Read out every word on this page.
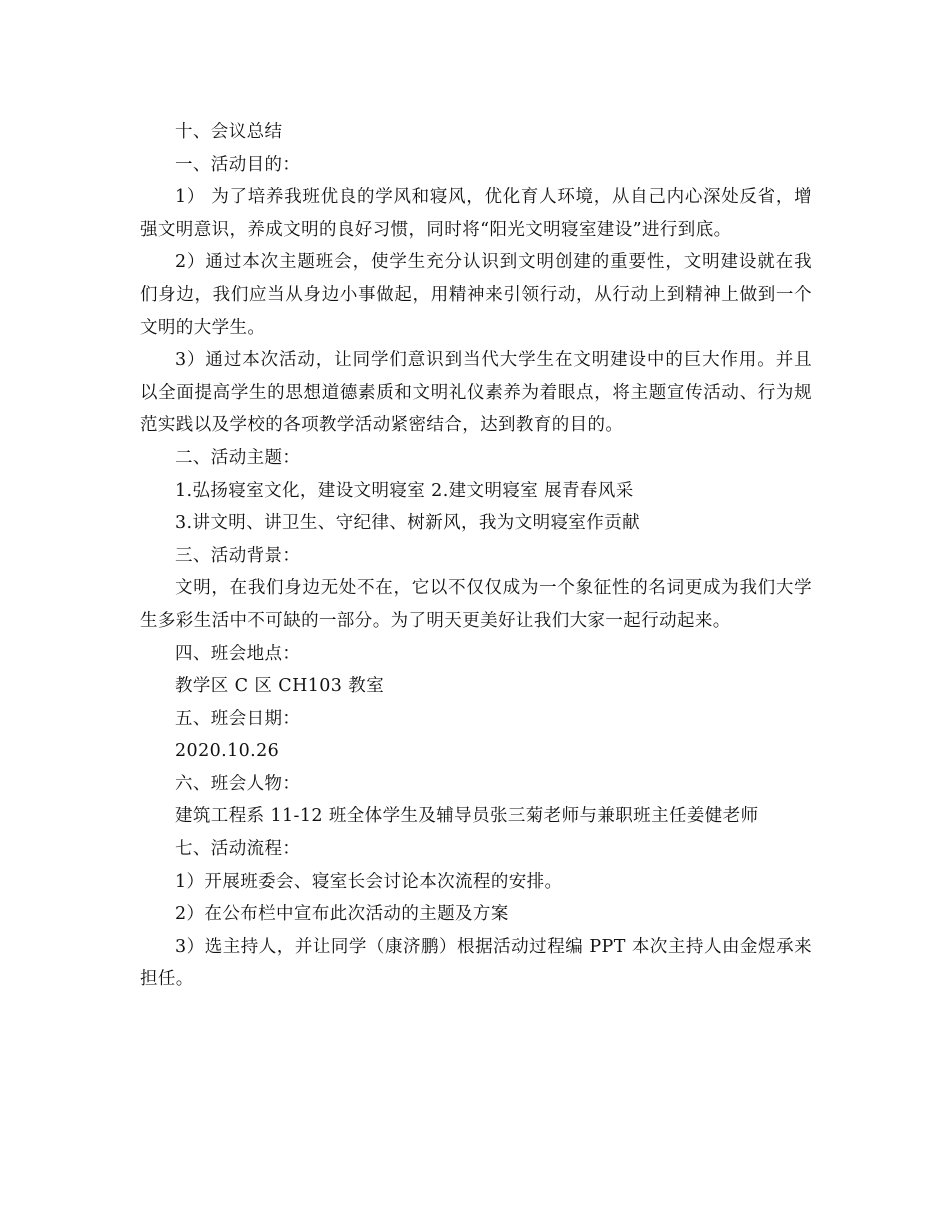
十、会议总结

一、活动目的：

1） 为了培养我班优良的学风和寝风，优化育人环境，从自己内心深处反省，增强文明意识，养成文明的良好习惯，同时将“阳光文明寝室建设”进行到底。

2）通过本次主题班会，使学生充分认识到文明创建的重要性，文明建设就在我们身边，我们应当从身边小事做起，用精神来引领行动，从行动上到精神上做到一个文明的大学生。

3）通过本次活动，让同学们意识到当代大学生在文明建设中的巨大作用。并且以全面提高学生的思想道德素质和文明礼仪素养为着眼点，将主题宣传活动、行为规范实践以及学校的各项教学活动紧密结合，达到教育的目的。

二、活动主题：

1.弘扬寝室文化，建设文明寝室 2.建文明寝室 展青春风采

3.讲文明、讲卫生、守纪律、树新风，我为文明寝室作贡献

三、活动背景：

文明，在我们身边无处不在，它以不仅仅成为一个象征性的名词更成为我们大学生多彩生活中不可缺的一部分。为了明天更美好让我们大家一起行动起来。

四、班会地点：

教学区 C 区 CH103 教室

五、班会日期：

2020.10.26

六、班会人物：

建筑工程系 11-12 班全体学生及辅导员张三菊老师与兼职班主任姜健老师

七、活动流程：

1）开展班委会、寝室长会讨论本次流程的安排。

2）在公布栏中宣布此次活动的主题及方案

3）选主持人，并让同学（康济鹏）根据活动过程编 PPT 本次主持人由金煜承来担任。
